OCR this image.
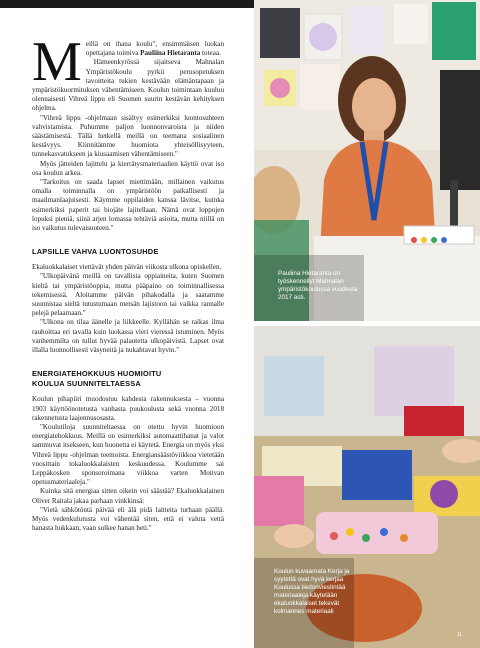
Meillä on ihana koulu", ensimmäisen luokan opettajana toimiva Pauliina Hietaranta toteaa.

Hämeenkyrössä sijaitseva Mahnalan Ympäristökoulu pyrkii perusopetuksen tavoitteita tukien kestävään elämäntapaan ja ympäristökuormituksen vähentämiseen. Koulun toimintaan kuuluu olennaisesti Vihreä lippu eli Suomen suurin kestävän kehityksen ohjelma.

"Vihreä lippu -ohjelmaan sisältyy esimerkiksi luontosuhteen vahvistamista. Puhumme paljon luonnonvaroista ja niiden säästämisestä. Tällä hetkellä meillä on teemana sosiaalinen kestävyys. Kiinnitämme huomiota yhteisöllisyyteen, tunnekasvatukseen ja kiusaamisen vähentämiseen."

Myös jätteiden lajittelu ja kierrätysmateriaalien käyttö ovat iso osa koulun arkea.

"Tarkoitus on saada lapset miettimään, millainen vaikutus omalla toiminnalla on ympäristöön paikallisesti ja maailmanlaajuisesti. Käymme oppilaiden kanssa lävitse, kuinka esimerkiksi paperit tai biojäte lajitellaan. Nämä ovat loppujen lopuksi pieniä, siinä arjen lomassa tehtäviä asioita, mutta niillä on iso vaikutus tulevaisuuteen."

LAPSILLE VAHVA LUONTOSUHDE

Ekaluokkalaiset viettävät yhden päivän viikosta ulkona opiskellen.

"Ulkopäivänä meillä on tavallisia oppiaineita, kuten Suomen kieltä tai ympäristöoppia, mutta pääpaino on toiminnallisessa tekemisessä. Aloitamme päivän pihakodalla ja saatamme suunnistaa sieltä tutustumaan metsän lajistoon tai vaikka rannalle pelejä pelaamaan."

"Ulkona on tilaa äänelle ja liikkeelle. Kyllähän se raikas ilma rauhoittaa eri tavalla kuin luokassa vieri vieressä istuminen. Myös vanhemmilta on tullut hyvää palautetta ulkopäivistä. Lapset ovat illalla luonnollisesti väsyneitä ja nukahtavat hyvin."

ENERGIATEHOKKUUS HUOMIOITU
KOULUA SUUNNITELTAESSA

Koulun pihapiiri muodostuu kahdesta rakennuksesta – vuonna 1903 käyttöönotetusta vanhasta puukoulusta sekä vuonna 2018 rakennetusta laajennusosasta.

"Koulutiloja suunniteltaessa on otettu hyvin huomioon energiatehokkuus. Meillä on esimerkiksi automaattihanat ja valot sammuvat itsekseen, kun huonetta ei käytetä. Energia on myös yksi Vihreä lippu -ohjelman teemoista. Energiansäästöviikkoa vietetään vuosittain tokaluokkalaisten keskuudessa. Koulumme sai Leppäkosken sponsoroimana viikkoa varten Motivan opetusmateriaaleja."

Kuinka sitä energiaa sitten oikein voi säästää? Ekaluokkalainen Oliver Raitala jakaa parhaan vinkkinsä:

"Vietä sähkötöntä päivää eli älä pidä laitteita turhaan päällä. Myös vedenkulutusta voi vähentää siten, että ei valuta vettä hanasta hukkaan, vaan sulkee hanan heti."

Pauliina Hietaranta on työskennellyt Mahnalan ympäristökoulussa vuodesta 2017 asti.
Koulun kuvaamata Kerja ja syytettä ovat hyvä kerjaa Koulussa tiedonviestintää materiaaleja käytetään ekaluokkalaiset tekevät kolmannes materiaali
11
